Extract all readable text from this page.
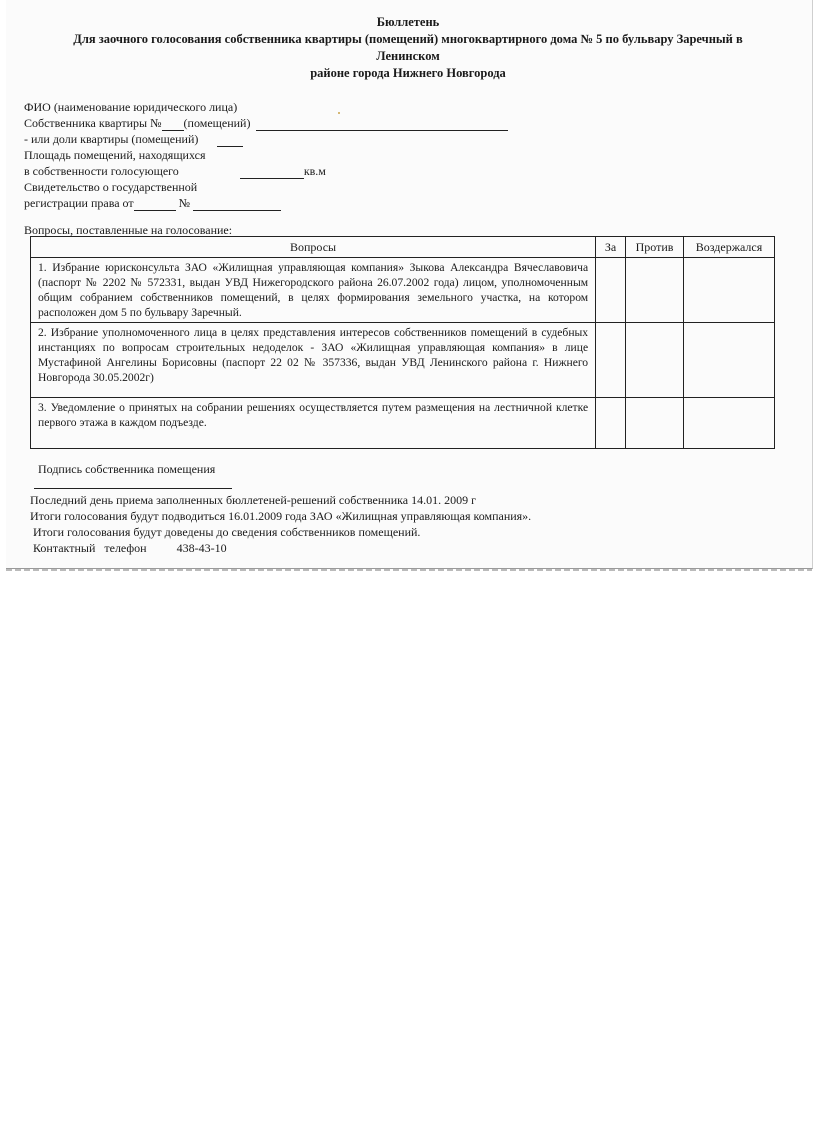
Бюллетень
Для заочного голосования собственника квартиры (помещений) многоквартирного дома № 5 по бульвару Заречный в
Ленинском
районе города Нижнего Новгорода
ФИО (наименование юридического лица)
Собственника квартиры № (помещений)
- или доли квартиры (помещений)
Площадь помещений, находящихся
в собственности голосующего	кв.м
Свидетельство о государственной
регистрации права от	№
Вопросы, поставленные на голосование:
Вопросы	За	Против	Воздержался
1. Избрание юрисконсульта ЗАО «Жилищная управляющая компания» Зыкова Александра Вячеславовича (паспорт № 2202 № 572331, выдан УВД Нижегородского района 26.07.2002 года) лицом, уполномоченным общим собранием собственников помещений, в целях формирования земельного участка, на котором расположен дом 5 по бульвару Заречный.			
2. Избрание уполномоченного лица в целях представления интересов собственников помещений в судебных инстанциях по вопросам строительных недоделок - ЗАО «Жилищная управляющая компания» в лице Мустафиной Ангелины Борисовны (паспорт 22 02 № 357336, выдан УВД Ленинского района г. Нижнего Новгорода 30.05.2002г)			
3. Уведомление о принятых на собрании решениях осуществляется путем размещения на лестничной клетке первого этажа в каждом подъезде.			
Подпись собственника помещения
Последний день приема заполненных бюллетеней-решений собственника 14.01. 2009 г
Итоги голосования будут подводиться 16.01.2009 года ЗАО «Жилищная управляющая компания».
Итоги голосования будут доведены до сведения собственников помещений.
Контактный   телефон	438-43-10
